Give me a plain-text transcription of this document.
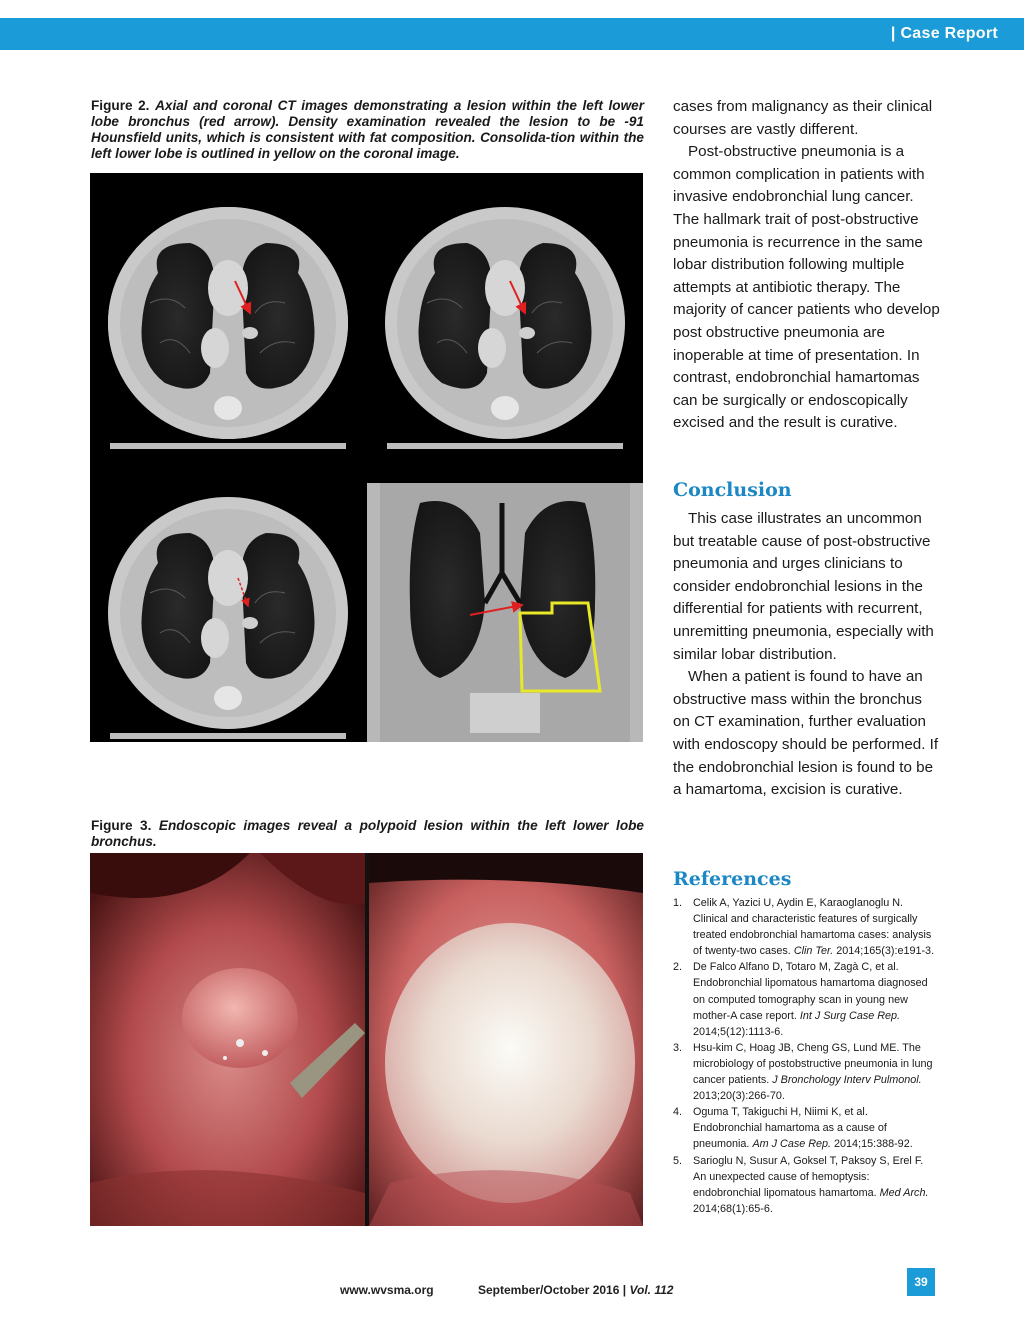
| Case Report
Figure 2. Axial and coronal CT images demonstrating a lesion within the left lower lobe bronchus (red arrow). Density examination revealed the lesion to be -91 Hounsfield units, which is consistent with fat composition. Consolida-tion within the left lower lobe is outlined in yellow on the coronal image.
Figure 3. Endoscopic images reveal a polypoid lesion within the left lower lobe bronchus.

cases from malignancy as their clinical courses are vastly different.

Post-obstructive pneumonia is a common complication in patients with invasive endobronchial lung cancer. The hallmark trait of post-obstructive pneumonia is recurrence in the same lobar distribution following multiple attempts at antibiotic therapy. The majority of cancer patients who develop post obstructive pneumonia are inoperable at time of presentation. In contrast, endobronchial hamartomas can be surgically or endoscopically excised and the result is curative.

Conclusion

This case illustrates an uncommon but treatable cause of post-obstructive pneumonia and urges clinicians to consider endobronchial lesions in the differential for patients with recurrent, unremitting pneumonia, especially with similar lobar distribution.

When a patient is found to have an obstructive mass within the bronchus on CT examination, further evaluation with endoscopy should be performed. If the endobronchial lesion is found to be a hamartoma, excision is curative.

References
1. Celik A, Yazici U, Aydin E, Karaoglanoglu N. Clinical and characteristic features of surgically treated endobronchial hamartoma cases: analysis of twenty-two cases. Clin Ter. 2014;165(3):e191-3.
2. De Falco Alfano D, Totaro M, Zagà C, et al. Endobronchial lipomatous hamartoma diagnosed on computed tomography scan in young new mother-A case report. Int J Surg Case Rep. 2014;5(12):1113-6.
3. Hsu-kim C, Hoag JB, Cheng GS, Lund ME. The microbiology of postobstructive pneumonia in lung cancer patients. J Bronchology Interv Pulmonol. 2013;20(3):266-70.
4. Oguma T, Takiguchi H, Niimi K, et al. Endobronchial hamartoma as a cause of pneumonia. Am J Case Rep. 2014;15:388-92.
5. Sarioglu N, Susur A, Goksel T, Paksoy S, Erel F. An unexpected cause of hemoptysis: endobronchial lipomatous hamartoma. Med Arch. 2014;68(1):65-6.
www.wvsma.org	September/October 2016 | Vol. 112
39
